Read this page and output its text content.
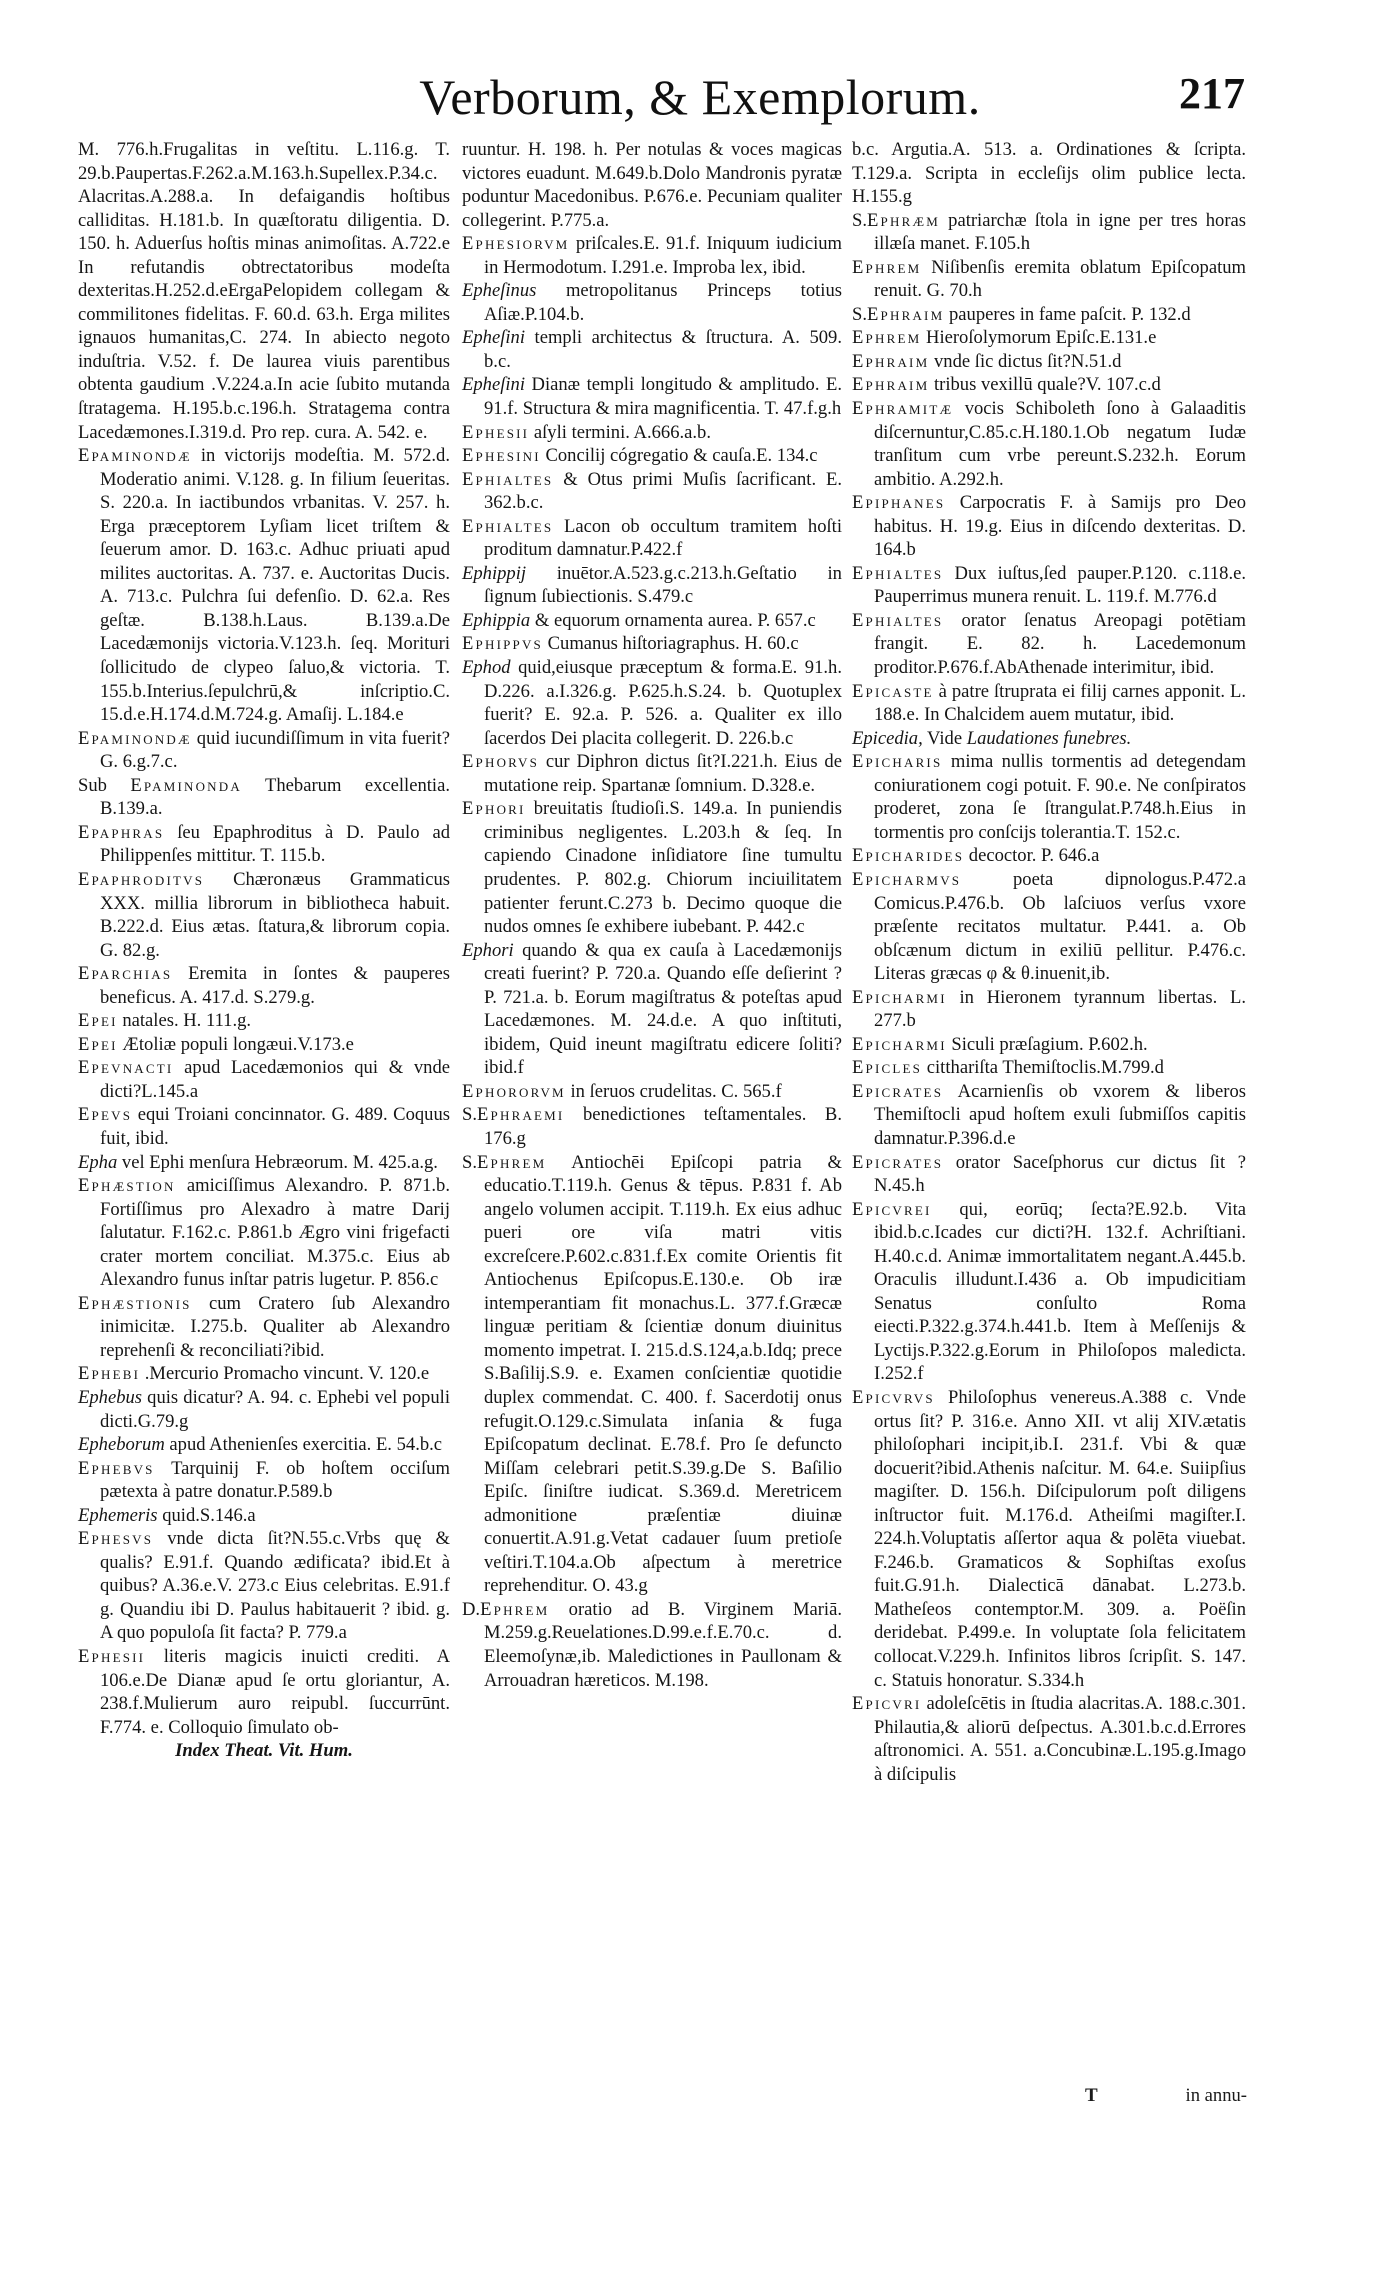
Verborum, & Exemplorum.	217

M. 776.h.Frugalitas in veſtitu. L.116.g. T. 29.b.Paupertas.F.262.a.M.163.h.Supellex.P.34.c. Alacritas.A.288.a. In defaigandis hoſtibus calliditas. H.181.b. In quæſtoratu diligentia. D. 150. h. Aduerſus hoſtis minas animoſitas. A.722.e In refutandis obtrectatoribus modeſta dexteritas.H.252.d.eErgaPelopidem collegam & commilitones fidelitas. F. 60.d. 63.h. Erga milites ignauos humanitas,C. 274. In abiecto negoto induſtria. V.52. f. De laurea viuis parentibus obtenta gaudium .V.224.a.In acie ſubito mutanda ſtratagema. H.195.b.c.196.h. Stratagema contra Lacedæmones.I.319.d. Pro rep. cura. A. 542. e.

Epaminondæ in victorijs modeſtia. M. 572.d. Moderatio animi. V.128. g. In filium ſeueritas. S. 220.a. In iactibundos vrbanitas. V. 257. h. Erga præceptorem Lyſiam licet triſtem & ſeuerum amor. D. 163.c. Adhuc priuati apud milites auctoritas. A. 737. e. Auctoritas Ducis. A. 713.c. Pulchra ſui defenſio. D. 62.a. Res geſtæ. B.138.h.Laus. B.139.a.De Lacedæmonijs victoria.V.123.h. ſeq. Morituri ſollicitudo de clypeo ſaluo,& victoria. T. 155.b.Interius.ſepulchrū,& inſcriptio.C. 15.d.e.H.174.d.M.724.g. Amaſij. L.184.e

Epaminondæ quid iucundiſſimum in vita fuerit? G. 6.g.7.c.

Sub Epaminonda Thebarum excellentia. B.139.a.

Epaphras ſeu Epaphroditus à D. Paulo ad Philippenſes mittitur. T. 115.b.

Epaphroditvs Chæronæus Grammaticus XXX. millia librorum in bibliotheca habuit. B.222.d. Eius ætas. ſtatura,& librorum copia. G. 82.g.

Eparchias Eremita in ſontes & pauperes beneficus. A. 417.d. S.279.g.

Epei natales. H. 111.g.

Epei Ætoliæ populi longæui.V.173.e

Epevnacti apud Lacedæmonios qui & vnde dicti?L.145.a

Epevs equi Troiani concinnator. G. 489. Coquus fuit, ibid.

Epha vel Ephi menſura Hebræorum. M. 425.a.g.

Ephæstion amiciſſimus Alexandro. P. 871.b. Fortiſſimus pro Alexadro à matre Darij ſalutatur. F.162.c. P.861.b Ægro vini frigefacti crater mortem conciliat. M.375.c. Eius ab Alexandro funus inſtar patris lugetur. P. 856.c

Ephæstionis cum Cratero ſub Alexandro inimicitæ. I.275.b. Qualiter ab Alexandro reprehenſi & reconciliati?ibid.

Ephebi .Mercurio Promacho vincunt. V. 120.e

Ephebus quis dicatur? A. 94. c. Ephebi vel populi dicti.G.79.g

Epheborum apud Athenienſes exercitia. E. 54.b.c

Ephebvs Tarquinij F. ob hoſtem occiſum pætexta à patre donatur.P.589.b

Ephemeris quid.S.146.a

Ephesvs vnde dicta ſit?N.55.c.Vrbs quę & qualis? E.91.f. Quando ædificata? ibid.Et à quibus? A.36.e.V. 273.c Eius celebritas. E.91.f g. Quandiu ibi D. Paulus habitauerit ? ibid. g. A quo populoſa ſit facta? P. 779.a

Ephesii literis magicis inuicti crediti. A 106.e.De Dianæ apud ſe ortu gloriantur, A. 238.f.Mulierum auro reipubl. ſuccurrūnt. F.774. e. Colloquio ſimulato ob-

Index Theat. Vit. Hum.

ruuntur. H. 198. h. Per notulas & voces magicas victores euadunt. M.649.b.Dolo Mandronis pyratæ poduntur Macedonibus. P.676.e. Pecuniam qualiter collegerint. P.775.a.

Ephesiorvm priſcales.E. 91.f. Iniquum iudicium in Hermodotum. I.291.e. Improba lex, ibid.

Epheſinus metropolitanus Princeps totius Aſiæ.P.104.b.

Epheſini templi architectus & ſtructura. A. 509. b.c.

Epheſini Dianæ templi longitudo & amplitudo. E. 91.f. Structura & mira magnificentia. T. 47.f.g.h

Ephesii aſyli termini. A.666.a.b.

Ephesini Concilij cógregatio & cauſa.E. 134.c

Ephialtes & Otus primi Muſis ſacrificant. E. 362.b.c.

Ephialtes Lacon ob occultum tramitem hoſti proditum damnatur.P.422.f

Ephippij inuētor.A.523.g.c.213.h.Geſtatio in ſignum ſubiectionis. S.479.c

Ephippia & equorum ornamenta aurea. P. 657.c

Ephippvs Cumanus hiſtoriagraphus. H. 60.c

Ephod quid,eiusque præceptum & forma.E. 91.h. D.226. a.I.326.g. P.625.h.S.24. b. Quotuplex fuerit? E. 92.a. P. 526. a. Qualiter ex illo ſacerdos Dei placita collegerit. D. 226.b.c

Ephorvs cur Diphron dictus ſit?I.221.h. Eius de mutatione reip. Spartanæ ſomnium. D.328.e.

Ephori breuitatis ſtudioſi.S. 149.a. In puniendis criminibus negligentes. L.203.h & ſeq. In capiendo Cinadone inſidiatore ſine tumultu prudentes. P. 802.g. Chiorum inciuilitatem patienter ferunt.C.273 b. Decimo quoque die nudos omnes ſe exhibere iubebant. P. 442.c

Ephori quando & qua ex cauſa à Lacedæmonijs creati fuerint? P. 720.a. Quando eſſe deſierint ? P. 721.a. b. Eorum magiſtratus & poteſtas apud Lacedæmones. M. 24.d.e. A quo inſtituti, ibidem, Quid ineunt magiſtratu edicere ſoliti? ibid.f

Ephororvm in ſeruos crudelitas. C. 565.f

S.Ephraemi benedictiones teſtamentales. B. 176.g

S.Ephrem Antiochēi Epiſcopi patria & educatio.T.119.h. Genus & tēpus. P.831 f. Ab angelo volumen accipit. T.119.h. Ex eius adhuc pueri ore viſa matri vitis excreſcere.P.602.c.831.f.Ex comite Orientis fit Antiochenus Epiſcopus.E.130.e. Ob iræ intemperantiam fit monachus.L. 377.f.Græcæ linguæ peritiam & ſcientiæ donum diuinitus momento impetrat. I. 215.d.S.124,a.b.Idq; prece S.Baſilij.S.9. e. Examen conſcientiæ quotidie duplex commendat. C. 400. f. Sacerdotij onus refugit.O.129.c.Simulata inſania & fuga Epiſcopatum declinat. E.78.f. Pro ſe defuncto Miſſam celebrari petit.S.39.g.De S. Baſilio Epiſc. ſiniſtre iudicat. S.369.d. Meretricem admonitione præſentiæ diuinæ conuertit.A.91.g.Vetat cadauer ſuum pretioſe veſtiri.T.104.a.Ob aſpectum à meretrice reprehenditur. O. 43.g

D.Ephrem oratio ad B. Virginem Mariā. M.259.g.Reuelationes.D.99.e.f.E.70.c. d. Eleemoſynæ,ib. Maledictiones in Paullonam & Arrouadran hæreticos. M.198.

b.c. Argutia.A. 513. a. Ordinationes & ſcripta. T.129.a. Scripta in eccleſijs olim publice lecta. H.155.g

S.Ephræm patriarchæ ſtola in igne per tres horas illæſa manet. F.105.h

Ephrem Niſibenſis eremita oblatum Epiſcopatum renuit. G. 70.h

S.Ephraim pauperes in fame paſcit. P. 132.d

Ephrem Hieroſolymorum Epiſc.E.131.e

Ephraim vnde ſic dictus ſit?N.51.d

Ephraim tribus vexillū quale?V. 107.c.d

Ephramitæ vocis Schiboleth ſono à Galaaditis diſcernuntur,C.85.c.H.180.1.Ob negatum Iudæ tranſitum cum vrbe pereunt.S.232.h. Eorum ambitio. A.292.h.

Epiphanes Carpocratis F. à Samijs pro Deo habitus. H. 19.g. Eius in diſcendo dexteritas. D. 164.b

Ephialtes Dux iuſtus,ſed pauper.P.120. c.118.e. Pauperrimus munera renuit. L. 119.f. M.776.d

Ephialtes orator ſenatus Areopagi potētiam frangit. E. 82. h. Lacedemonum proditor.P.676.f.AbAthenade interimitur, ibid.

Epicaste à patre ſtruprata ei filij carnes apponit. L. 188.e. In Chalcidem auem mutatur, ibid.

Epicedia, Vide Laudationes funebres.

Epicharis mima nullis tormentis ad detegendam coniurationem cogi potuit. F. 90.e. Ne conſpiratos proderet, zona ſe ſtrangulat.P.748.h.Eius in tormentis pro conſcijs tolerantia.T. 152.c.

Epicharides decoctor. P. 646.a

Epicharmvs	poeta dipnologus.P.472.a Comicus.P.476.b. Ob laſciuos verſus vxore præſente recitatos multatur. P.441. a. Ob obſcænum dictum in exiliū pellitur. P.476.c. Literas græcas φ & θ.inuenit,ib.

Epicharmi in Hieronem tyrannum libertas. L. 277.b

Epicharmi Siculi præſagium. P.602.h.

Epicles citthariſta Themiſtoclis.M.799.d

Epicrates Acarnienſis ob vxorem & liberos Themiſtocli apud hoſtem exuli ſubmiſſos capitis damnatur.P.396.d.e

Epicrates orator Saceſphorus cur dictus ſit ? N.45.h

Epicvrei qui, eorūq; ſecta?E.92.b. Vita ibid.b.c.Icades cur dicti?H. 132.f. Achriſtiani. H.40.c.d. Animæ immortalitatem negant.A.445.b. Oraculis illudunt.I.436 a. Ob impudicitiam Senatus conſulto Roma eiecti.P.322.g.374.h.441.b. Item à Meſſenijs & Lyctijs.P.322.g.Eorum in Philoſopos maledicta. I.252.f

Epicvrvs Philoſophus venereus.A.388 c. Vnde ortus ſit? P. 316.e. Anno XII. vt alij XIV.ætatis philoſophari incipit,ib.I. 231.f. Vbi & quæ docuerit?ibid.Athenis naſcitur. M. 64.e. Suiipſius magiſter. D. 156.h. Diſcipulorum poſt diligens inſtructor fuit. M.176.d. Atheiſmi magiſter.I. 224.h.Voluptatis aſſertor aqua & polēta viuebat. F.246.b. Gramaticos & Sophiſtas exoſus fuit.G.91.h. Dialecticā dānabat. L.273.b. Matheſeos contemptor.M. 309. a. Poëſin deridebat. P.499.e. In voluptate ſola felicitatem collocat.V.229.h. Infinitos libros ſcripſit. S. 147. c. Statuis honoratur. S.334.h

Epicvri adoleſcētis in ſtudia alacritas.A. 188.c.301. Philautia,& aliorū deſpectus. A.301.b.c.d.Errores aſtronomici. A. 551. a.Concubinæ.L.195.g.Imago à diſcipulis

T	in annu-
